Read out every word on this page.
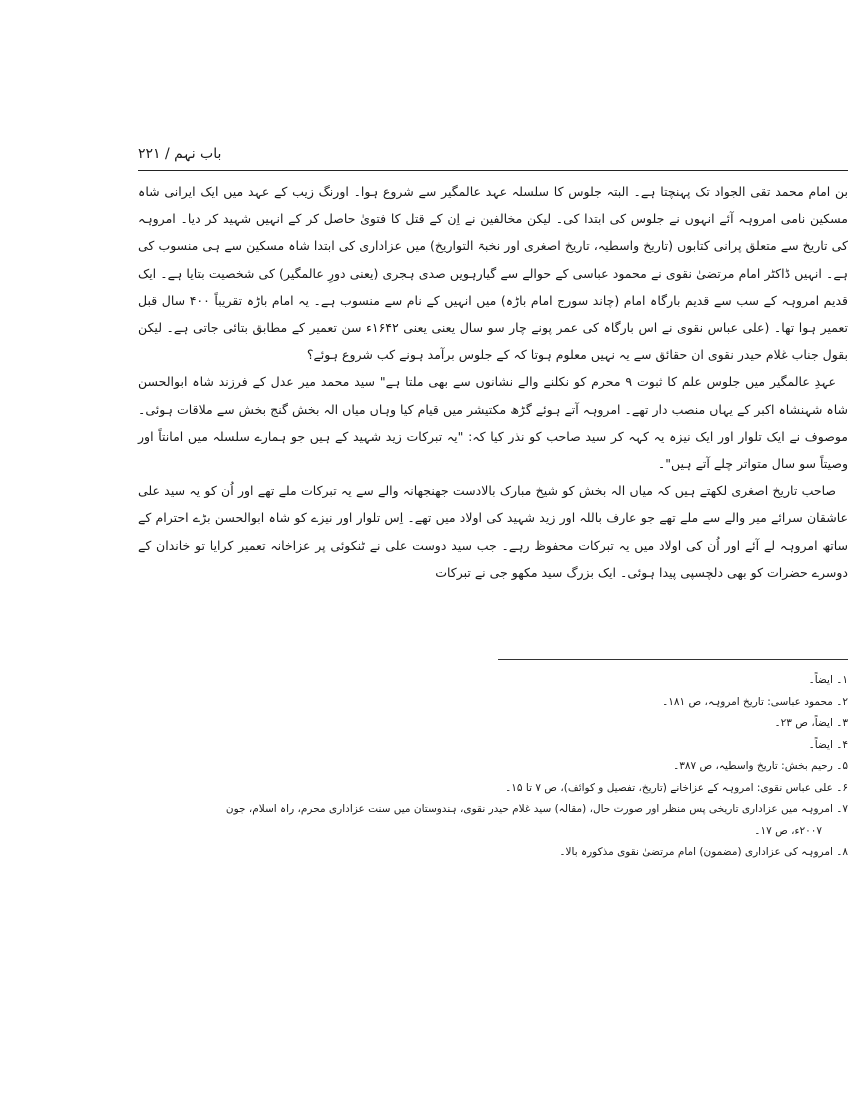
باب نہم / ۲۲۱

بن امام محمد تقی الجواد تک پہنچتا ہے۔ البتہ جلوس کا سلسلہ عہد عالمگیر سے شروع ہوا۔ اورنگ زیب کے عہد میں ایک ایرانی شاہ مسکین نامی امروہہ آئے انہوں نے جلوس کی ابتدا کی۔ لیکن مخالفین نے اِن کے قتل کا فتویٰ حاصل کر کے انہیں شہید کر دیا۔ امروہہ کی تاریخ سے متعلق پرانی کتابوں (تاریخ واسطیہ، تاریخ اصغری اور نخبۃ التواریخ) میں عزاداری کی ابتدا شاہ مسکین سے ہی منسوب کی ہے۔ انہیں ڈاکٹر امام مرتضیٰ نقوی نے محمود عباسی کے حوالے سے گیارہویں صدی ہجری (یعنی دورِ عالمگیر) کی شخصیت بتایا ہے۔ ایک قدیم امروہہ کے سب سے قدیم بارگاہ امام (چاند سورج امام باڑہ) میں انہیں کے نام سے منسوب ہے۔ یہ امام باڑہ تقریباً ۴۰۰ سال قبل تعمیر ہوا تھا۔ (علی عباس نقوی نے اس بارگاہ کی عمر پونے چار سو سال یعنی یعنی ۱۶۴۲ء سن تعمیر کے مطابق بتائی جاتی ہے۔ لیکن بقول جناب غلام حیدر نقوی ان حقائق سے یہ نہیں معلوم ہوتا کہ کے جلوس برآمد ہونے کب شروع ہوئے؟

عہدِ عالمگیر میں جلوس علم کا ثبوت ۹ محرم کو نکلنے والے نشانوں سے بھی ملتا ہے" سید محمد میر عدل کے فرزند شاہ ابوالحسن شاہ شہنشاہ اکبر کے یہاں منصب دار تھے۔ امروہہ آتے ہوئے گڑھ مکتیشر میں قیام کیا وہاں میاں الہ بخش گنج بخش سے ملاقات ہوئی۔ موصوف نے ایک تلوار اور ایک نیزہ یہ کہہ کر سید صاحب کو نذر کیا کہ: "یہ تبرکات زید شہید کے ہیں جو ہمارے سلسلہ میں امانتاً اور وصیتاً سو سال متواتر چلے آتے ہیں"۔

صاحب تاریخ اصغری لکھتے ہیں کہ میاں الہ بخش کو شیخ مبارک بالادست جھنجھانہ والے سے یہ تبرکات ملے تھے اور اُن کو یہ سید علی عاشقان سرائے میر والے سے ملے تھے جو عارف باللہ اور زید شہید کی اولاد میں تھے۔ اِس تلوار اور نیزے کو شاہ ابوالحسن بڑے احترام کے ساتھ امروہہ لے آئے اور اُن کی اولاد میں یہ تبرکات محفوظ رہے۔ جب سید دوست علی نے ٹنکوئی پر عزاخانہ تعمیر کرایا تو خاندان کے دوسرے حضرات کو بھی دلچسپی پیدا ہوئی۔ ایک بزرگ سید مکھو جی نے تبرکات

۱۔ ایضاً۔
۲۔ محمود عباسی: تاریخ امروہہ، ص ۱۸۱۔
۳۔ ایضاً، ص ۲۳۔
۴۔ ایضاً۔
۵۔ رحیم بخش: تاریخ واسطیہ، ص ۳۸۷۔
۶۔ علی عباس نقوی: امروہہ کے عزاخانے (تاریخ، تفصیل و کوائف)، ص ۷ تا ۱۵۔
۷۔ امروہہ میں عزاداری تاریخی پس منظر اور صورت حال، (مقالہ) سید غلام حیدر نقوی، ہندوستان میں سنت عزاداری محرم، راہ اسلام، جون
۲۰۰۷ء، ص ۱۷۔
۸۔ امروہہ کی عزاداری (مضمون) امام مرتضیٰ نقوی مذکورہ بالا۔
